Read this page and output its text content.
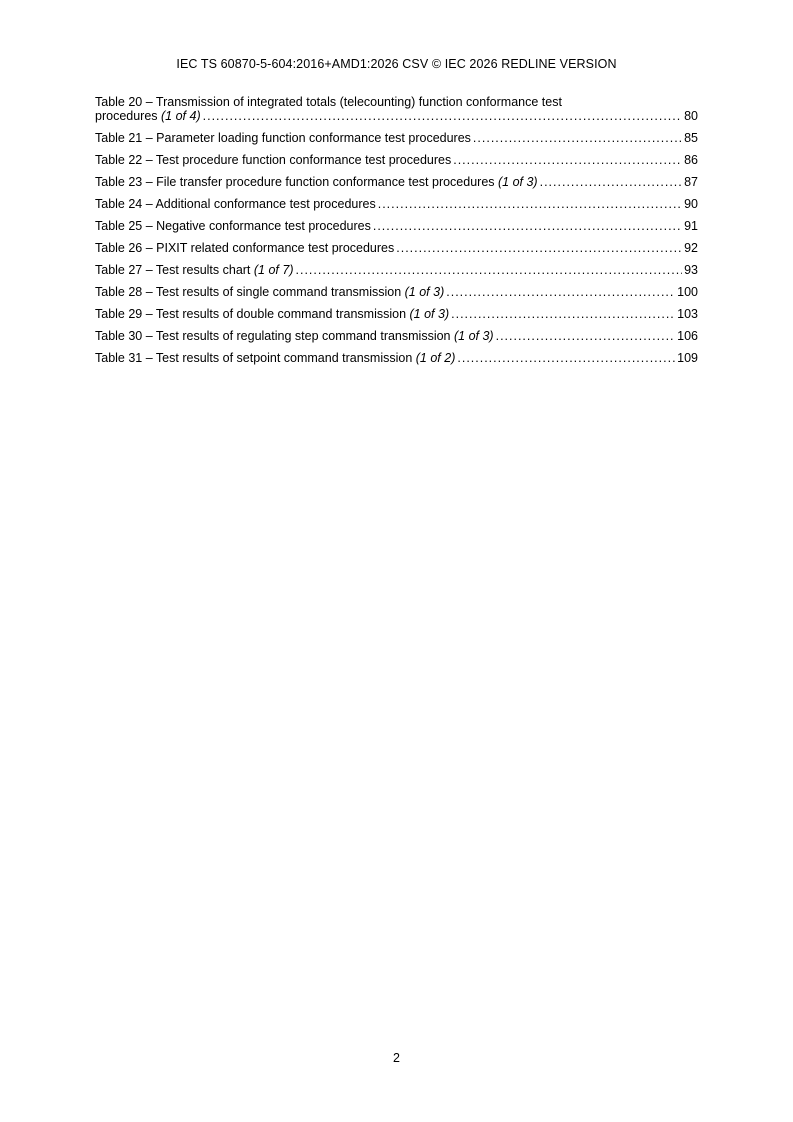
IEC TS 60870-5-604:2016+AMD1:2026 CSV © IEC 2026 REDLINE VERSION
Table 20 – Transmission of integrated totals (telecounting) function conformance test
procedures (1 of 4) .....	80
Table 21 – Parameter loading function conformance test procedures .....	85
Table 22 – Test procedure function conformance test procedures .....	86
Table 23 – File transfer procedure function conformance test procedures (1 of 3) .....	87
Table 24 – Additional conformance test procedures .....	90
Table 25 – Negative conformance test procedures .....	91
Table 26 – PIXIT related conformance test procedures .....	92
Table 27 – Test results chart (1 of 7) .....	93
Table 28 – Test results of single command transmission (1 of 3) .....	100
Table 29 – Test results of double command transmission (1 of 3) .....	103
Table 30 – Test results of regulating step command transmission (1 of 3) .....	106
Table 31 – Test results of setpoint command transmission (1 of 2) .....	109
2
